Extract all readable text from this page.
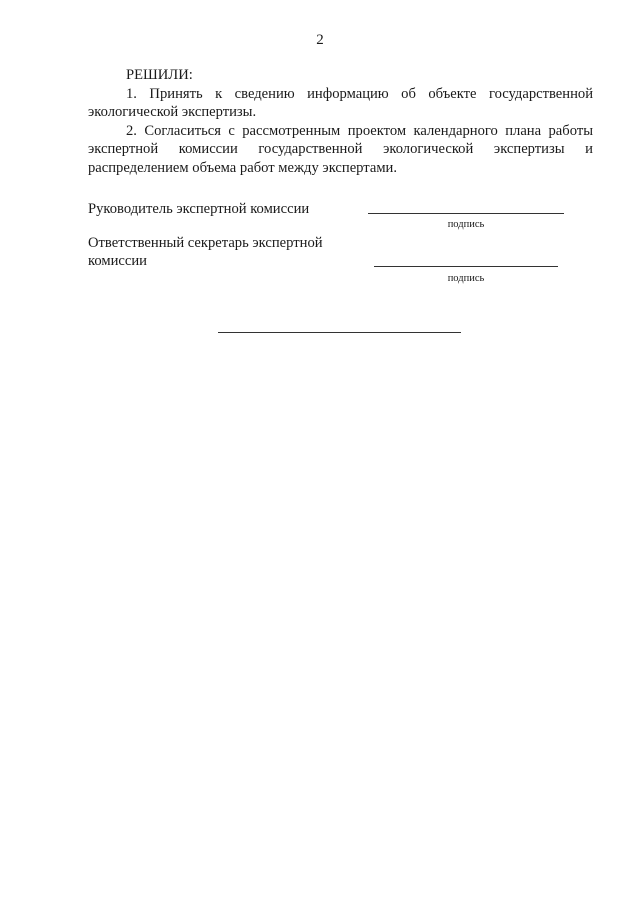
2

РЕШИЛИ:

1. Принять к сведению информацию об объекте государственной экологической экспертизы.

2. Согласиться с рассмотренным проектом календарного плана работы экспертной комиссии государственной экологической экспертизы и распределением объема работ между экспертами.

Руководитель экспертной комиссии
подпись
Ответственный секретарь экспертной
комиссии
подпись
